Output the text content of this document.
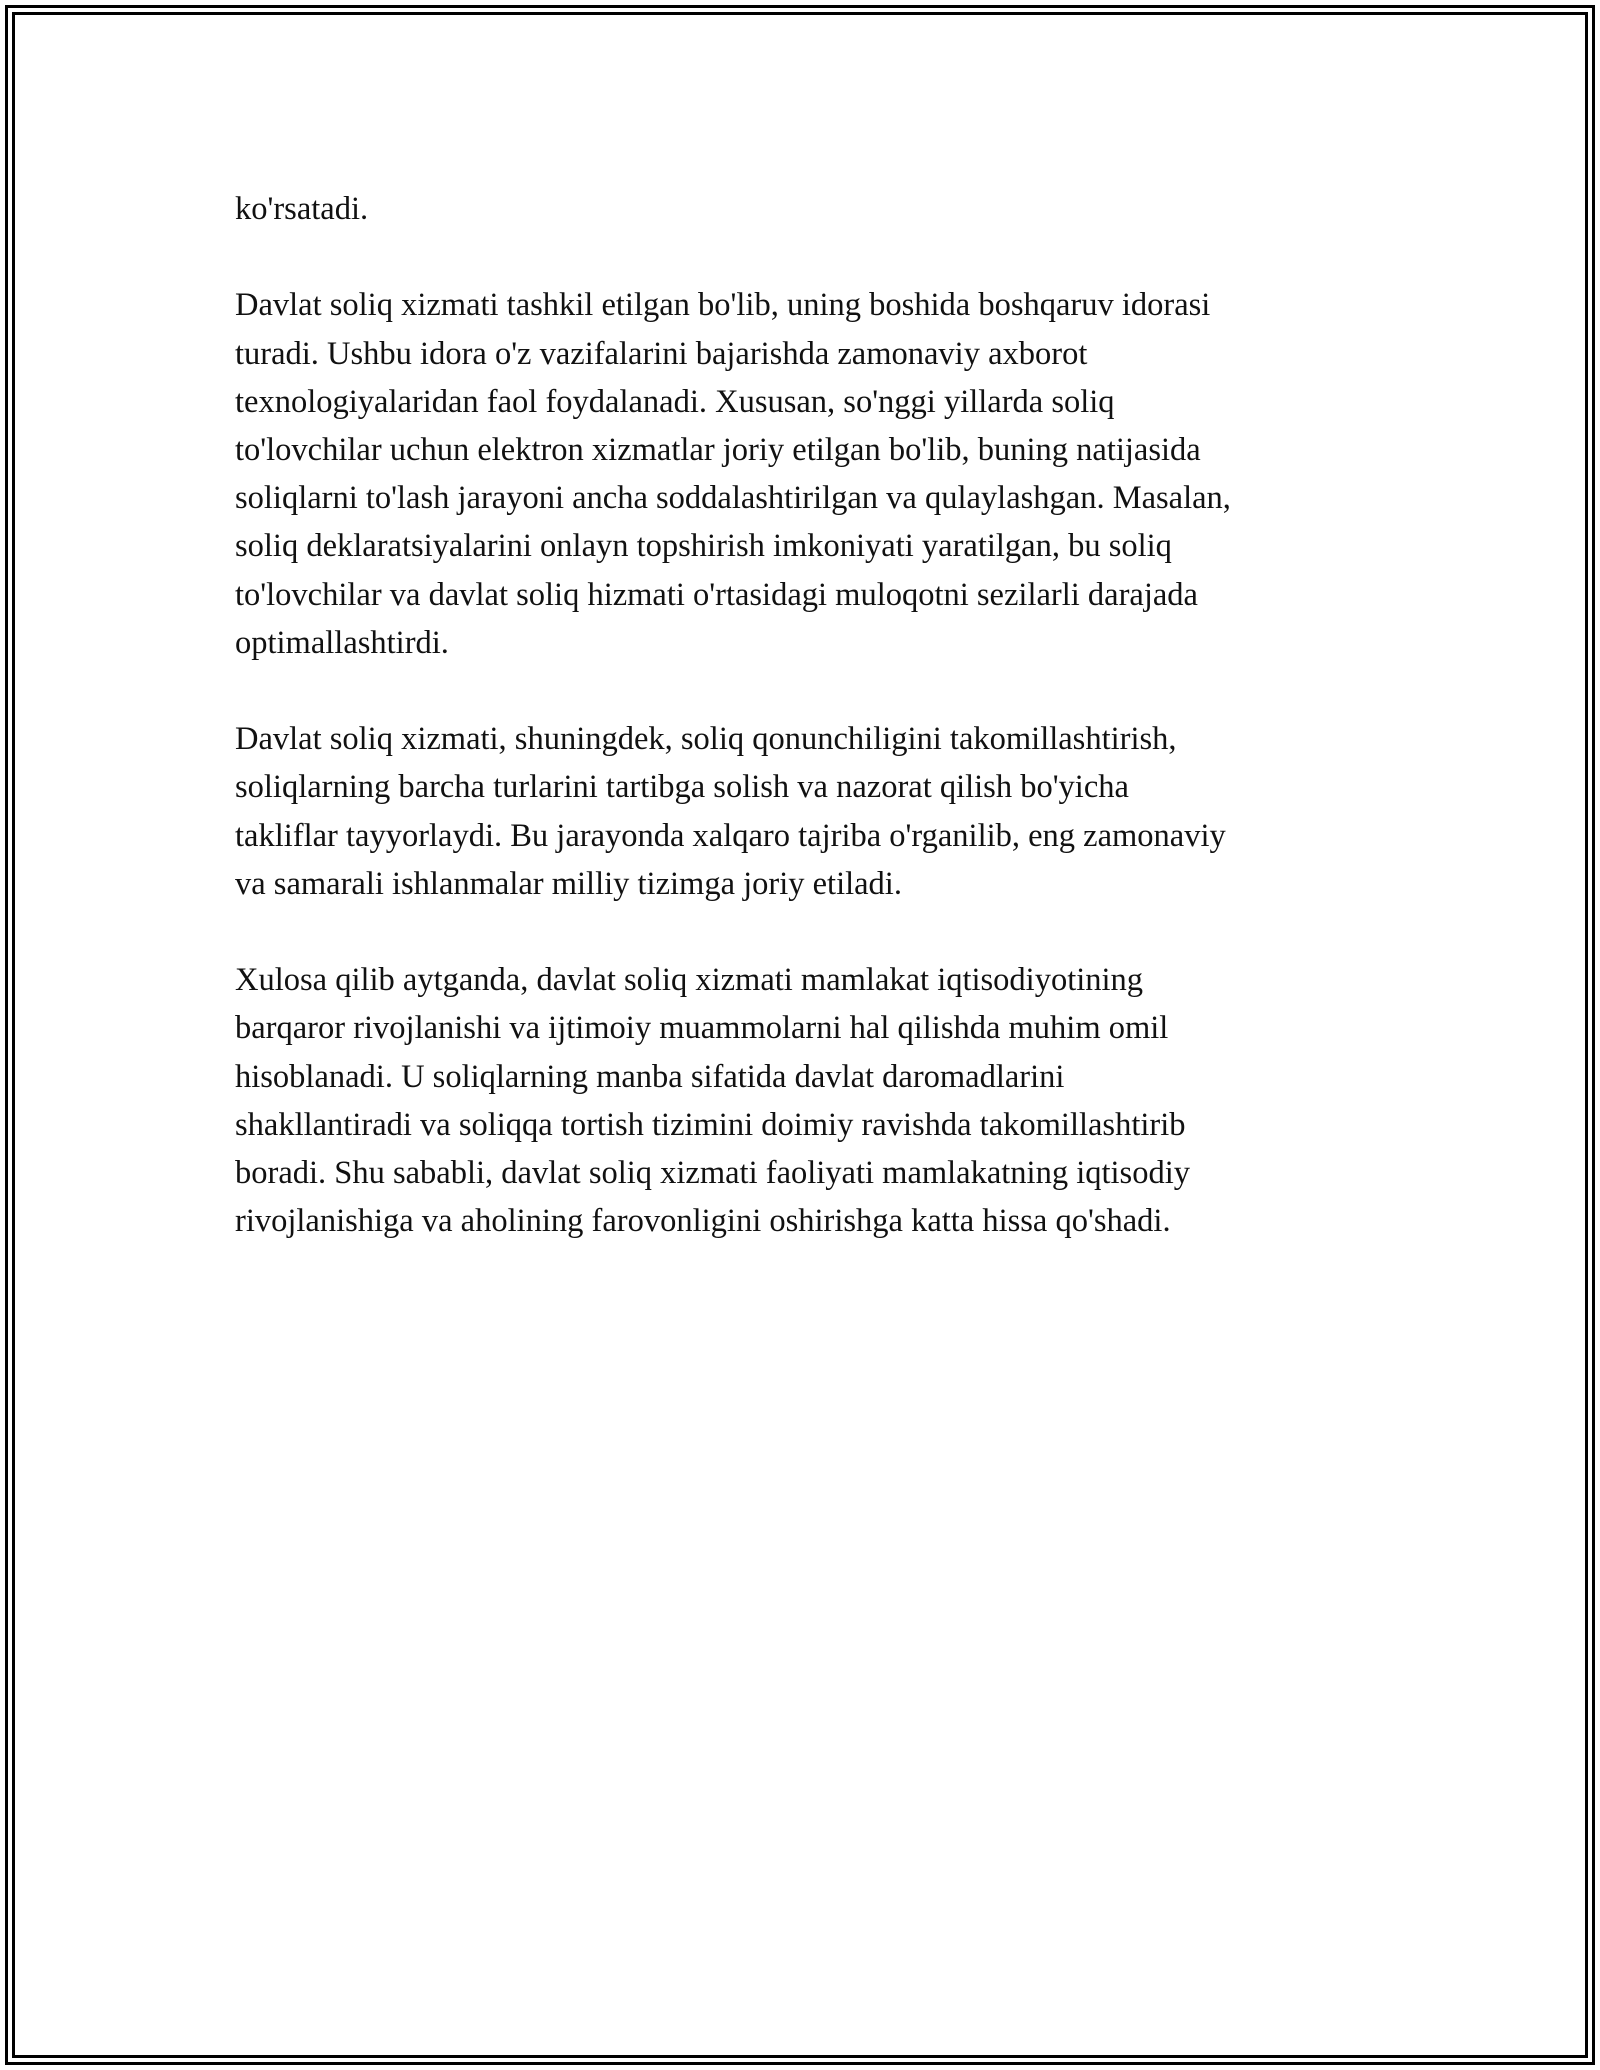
ko'rsatadi.

Davlat soliq xizmati tashkil etilgan bo'lib, uning boshida boshqaruv idorasi
turadi. Ushbu idora o'z vazifalarini bajarishda zamonaviy axborot
texnologiyalaridan faol foydalanadi. Xususan, so'nggi yillarda soliq
to'lovchilar uchun elektron xizmatlar joriy etilgan bo'lib, buning natijasida
soliqlarni to'lash jarayoni ancha soddalashtirilgan va qulaylashgan. Masalan,
soliq deklaratsiyalarini onlayn topshirish imkoniyati yaratilgan, bu soliq
to'lovchilar va davlat soliq hizmati o'rtasidagi muloqotni sezilarli darajada
optimallashtirdi.

Davlat soliq xizmati, shuningdek, soliq qonunchiligini takomillashtirish,
soliqlarning barcha turlarini tartibga solish va nazorat qilish bo'yicha
takliflar tayyorlaydi. Bu jarayonda xalqaro tajriba o'rganilib, eng zamonaviy
va samarali ishlanmalar milliy tizimga joriy etiladi.

Xulosa qilib aytganda, davlat soliq xizmati mamlakat iqtisodiyotining
barqaror rivojlanishi va ijtimoiy muammolarni hal qilishda muhim omil
hisoblanadi. U soliqlarning manba sifatida davlat daromadlarini
shakllantiradi va soliqqa tortish tizimini doimiy ravishda takomillashtirib
boradi. Shu sababli, davlat soliq xizmati faoliyati mamlakatning iqtisodiy
rivojlanishiga va aholining farovonligini oshirishga katta hissa qo'shadi.
